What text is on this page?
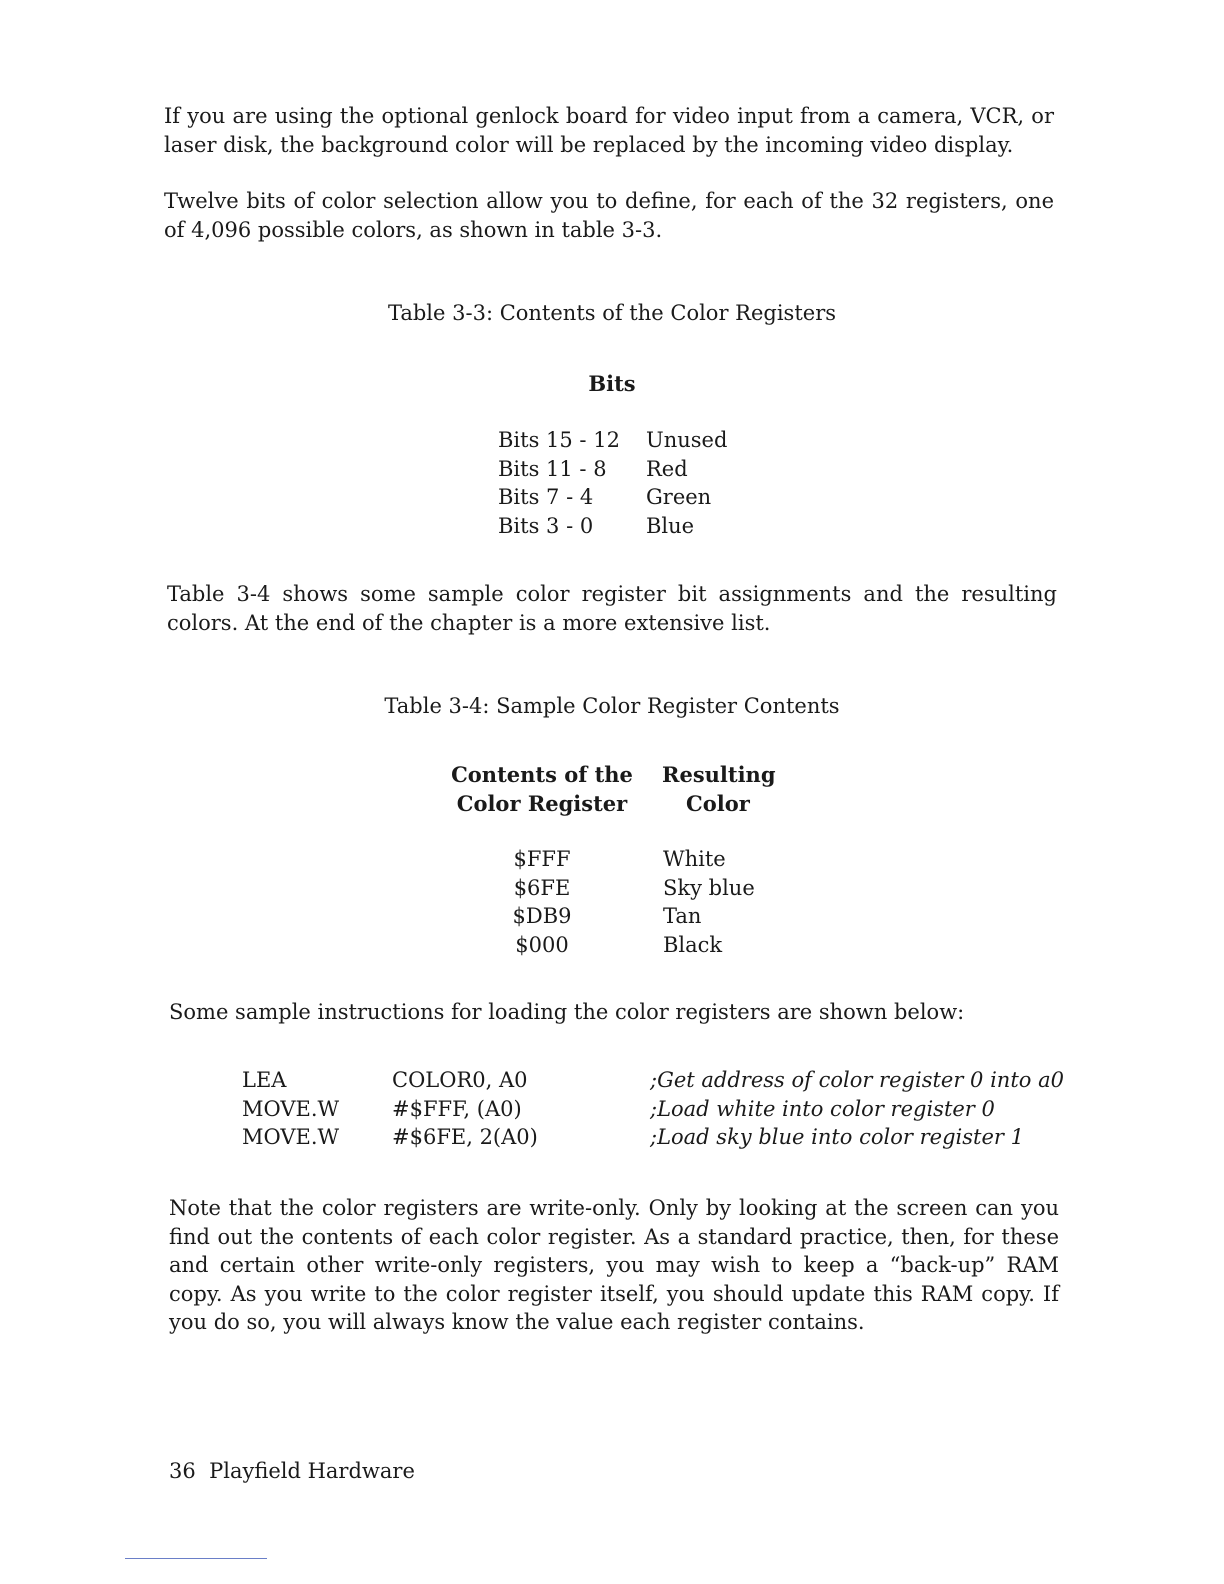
If you are using the optional genlock board for video input from a camera, VCR, or laser disk, the background color will be replaced by the incoming video display.

Twelve bits of color selection allow you to define, for each of the 32 registers, one of 4,096 possible colors, as shown in table 3-3.

Table 3-3: Contents of the Color Registers

Bits

Bits 15 - 12	Unused
Bits 11 - 8	Red
Bits 7 - 4	Green
Bits 3 - 0	Blue

Table 3-4 shows some sample color register bit assignments and the resulting colors. At the end of the chapter is a more extensive list.

Table 3-4: Sample Color Register Contents

Contents of the	Resulting
Color Register	Color
$FFF	White
$6FE	Sky blue
$DB9	Tan
$000	Black

Some sample instructions for loading the color registers are shown below:

LEA	COLOR0, A0	;Get address of color register 0 into a0
MOVE.W	#$FFF, (A0)	;Load white into color register 0
MOVE.W	#$6FE, 2(A0)	;Load sky blue into color register 1

Note that the color registers are write-only. Only by looking at the screen can you find out the contents of each color register. As a standard practice, then, for these and certain other write-only registers, you may wish to keep a “back-up” RAM copy. As you write to the color register itself, you should update this RAM copy. If you do so, you will always know the value each register contains.

36 Playfield Hardware
